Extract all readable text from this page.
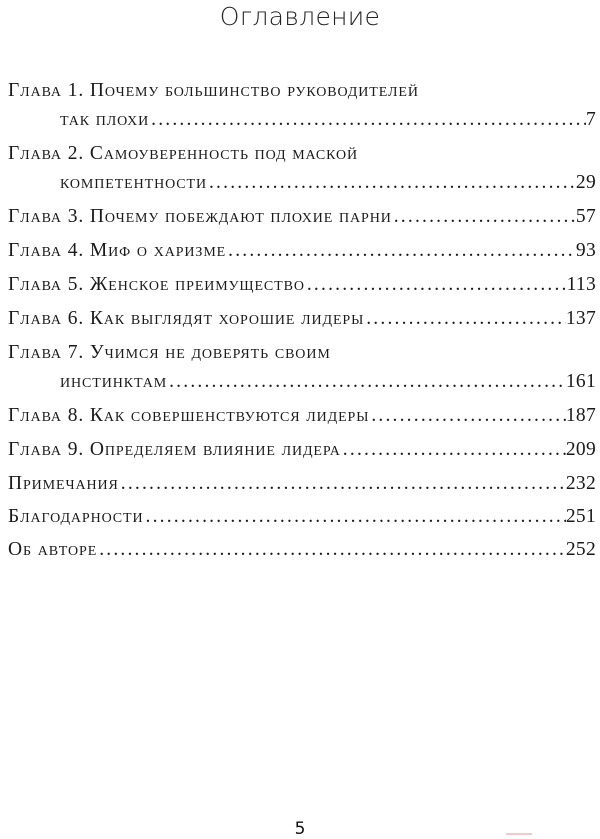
Оглавление
Глава 1. Почему большинство руководителей
так плохи .....	7
Глава 2. Самоуверенность под маской
компетентности .....	29
Глава 3. Почему побеждают плохие парни .....	57
Глава 4. Миф о харизме .....	93
Глава 5. Женское преимущество .....	113
Глава 6. Как выглядят хорошие лидеры .....	137
Глава 7. Учимся не доверять своим
инстинктам .....	161
Глава 8. Как совершенствуются лидеры .....	187
Глава 9. Определяем влияние лидера .....	209
Примечания .....	232
Благодарности .....	251
Об авторе .....	252
5
